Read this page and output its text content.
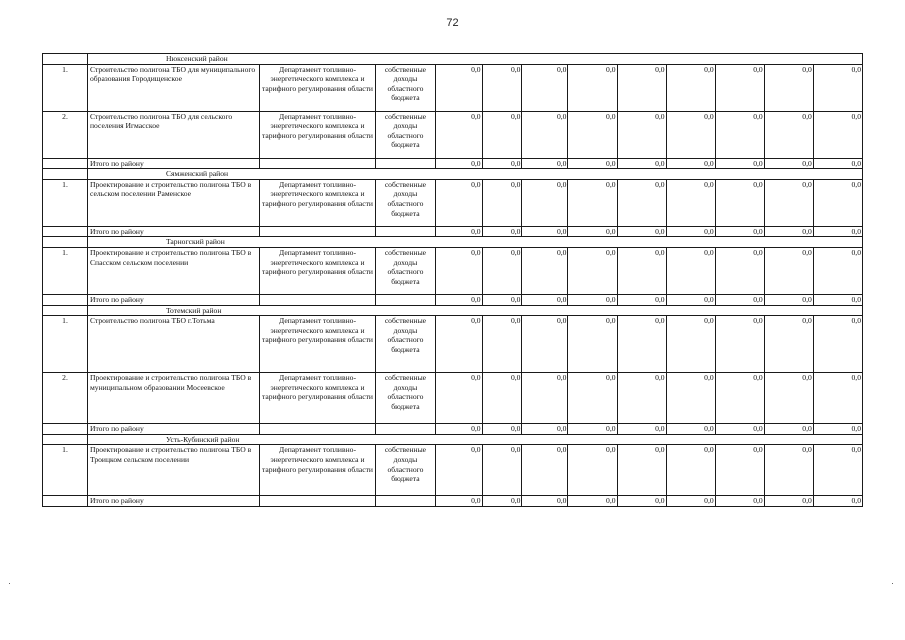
72
	Нюксенский район											
1.	Строительство полигона ТБО для муниципального образования Городищенское	Департамент топливно-энергетического комплекса и тарифного регулирования области	собственные доходы областного бюджета	0,0	0,0	0,0	0,0	0,0	0,0	0,0	0,0	0,0
2.	Строительство полигона ТБО для сельского поселения Игмасское	Департамент топливно-энергетического комплекса и тарифного регулирования области	собственные доходы областного бюджета	0,0	0,0	0,0	0,0	0,0	0,0	0,0	0,0	0,0
	Итого по району			0,0	0,0	0,0	0,0	0,0	0,0	0,0	0,0	0,0
	Сямженский район											
1.	Проектирование и строительство полигона ТБО в сельском поселении Раменское	Департамент топливно-энергетического комплекса и тарифного регулирования области	собственные доходы областного бюджета	0,0	0,0	0,0	0,0	0,0	0,0	0,0	0,0	0,0
	Итого по району			0,0	0,0	0,0	0,0	0,0	0,0	0,0	0,0	0,0
	Тарногский район											
1.	Проектирование и строительство полигона ТБО в Спасском сельском поселении	Департамент топливно-энергетического комплекса и тарифного регулирования области	собственные доходы областного бюджета	0,0	0,0	0,0	0,0	0,0	0,0	0,0	0,0	0,0
	Итого по району			0,0	0,0	0,0	0,0	0,0	0,0	0,0	0,0	0,0
	Тотемский район											
1.	Строительство полигона ТБО г.Тотьма	Департамент топливно-энергетического комплекса и тарифного регулирования области	собственные доходы областного бюджета	0,0	0,0	0,0	0,0	0,0	0,0	0,0	0,0	0,0
2.	Проектирование и строительство полигона ТБО в муниципальном образовании Мосеевское	Департамент топливно-энергетического комплекса и тарифного регулирования области	собственные доходы областного бюджета	0,0	0,0	0,0	0,0	0,0	0,0	0,0	0,0	0,0
	Итого по району			0,0	0,0	0,0	0,0	0,0	0,0	0,0	0,0	0,0
	Усть-Кубинский район											
1.	Проектирование и строительство полигона ТБО в Троицком сельском поселении	Департамент топливно-энергетического комплекса и тарифного регулирования области	собственные доходы областного бюджета	0,0	0,0	0,0	0,0	0,0	0,0	0,0	0,0	0,0
	Итого по району			0,0	0,0	0,0	0,0	0,0	0,0	0,0	0,0	0,0
